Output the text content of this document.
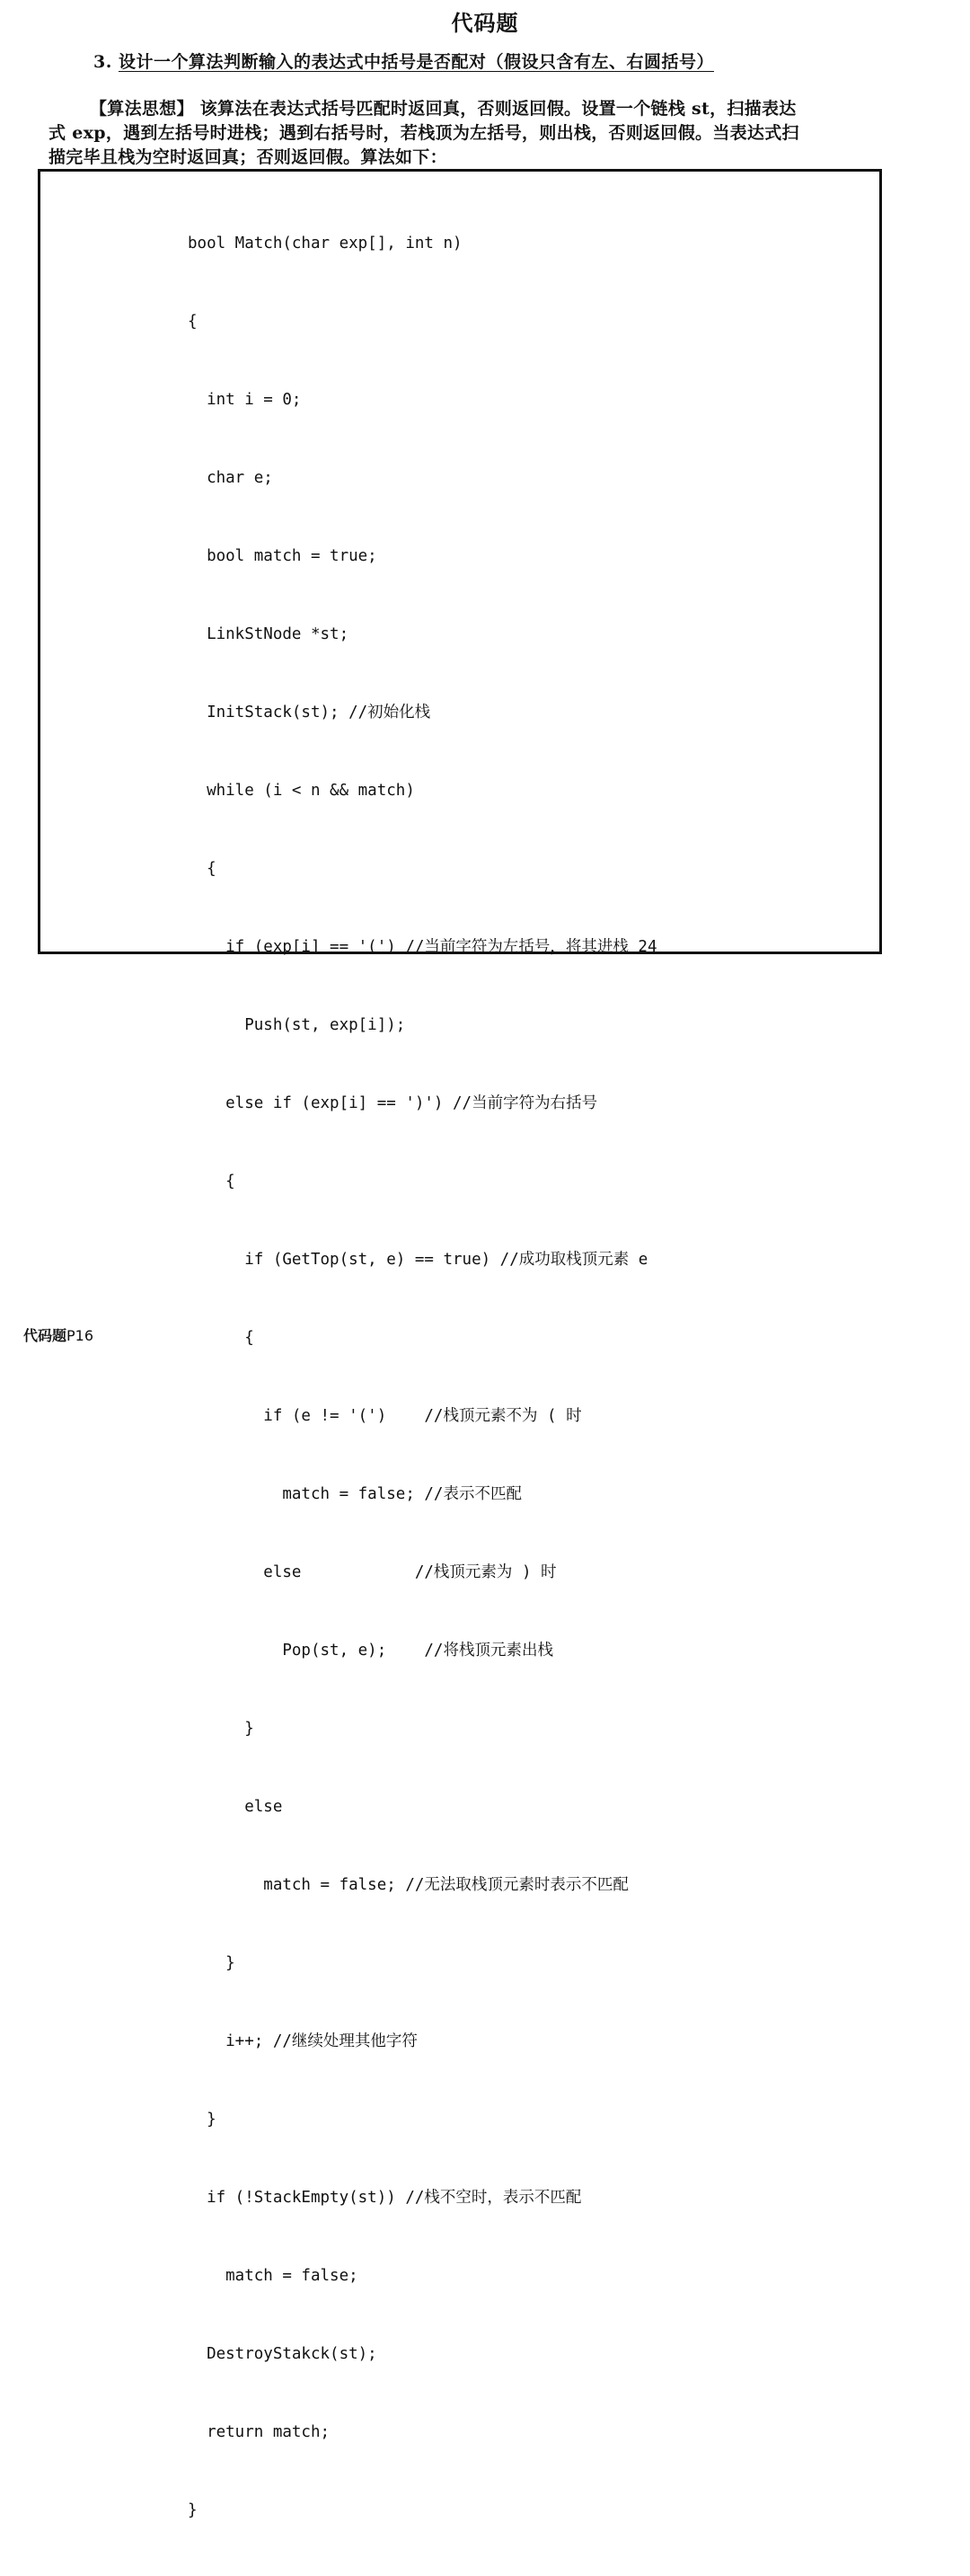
代码题
3. 设计一个算法判断输入的表达式中括号是否配对（假设只含有左、右圆括号）
【算法思想】 该算法在表达式括号匹配时返回真，否则返回假。设置一个链栈 st，扫描表达
式 exp，遇到左括号时进栈；遇到右括号时，若栈顶为左括号，则出栈，否则返回假。当表达式扫
描完毕且栈为空时返回真；否则返回假。算法如下：

bool Match(char exp[], int n)

{

int i = 0;

char e;

bool match = true;

LinkStNode *st;

InitStack(st); //初始化栈

while (i < n && match)

{

if (exp[i] == '(') //当前字符为左括号，将其进栈 24

Push(st, exp[i]);

else if (exp[i] == ')') //当前字符为右括号

{

if (GetTop(st, e) == true) //成功取栈顶元素 e

{

if (e != '(')    //栈顶元素不为 ( 时

match = false; //表示不匹配

else            //栈顶元素为 ) 时

Pop(st, e);    //将栈顶元素出栈

}

else

match = false; //无法取栈顶元素时表示不匹配

}

i++; //继续处理其他字符

}

if (!StackEmpty(st)) //栈不空时，表示不匹配

match = false;

DestroyStakck(st);

return match;

}

代码题P16
